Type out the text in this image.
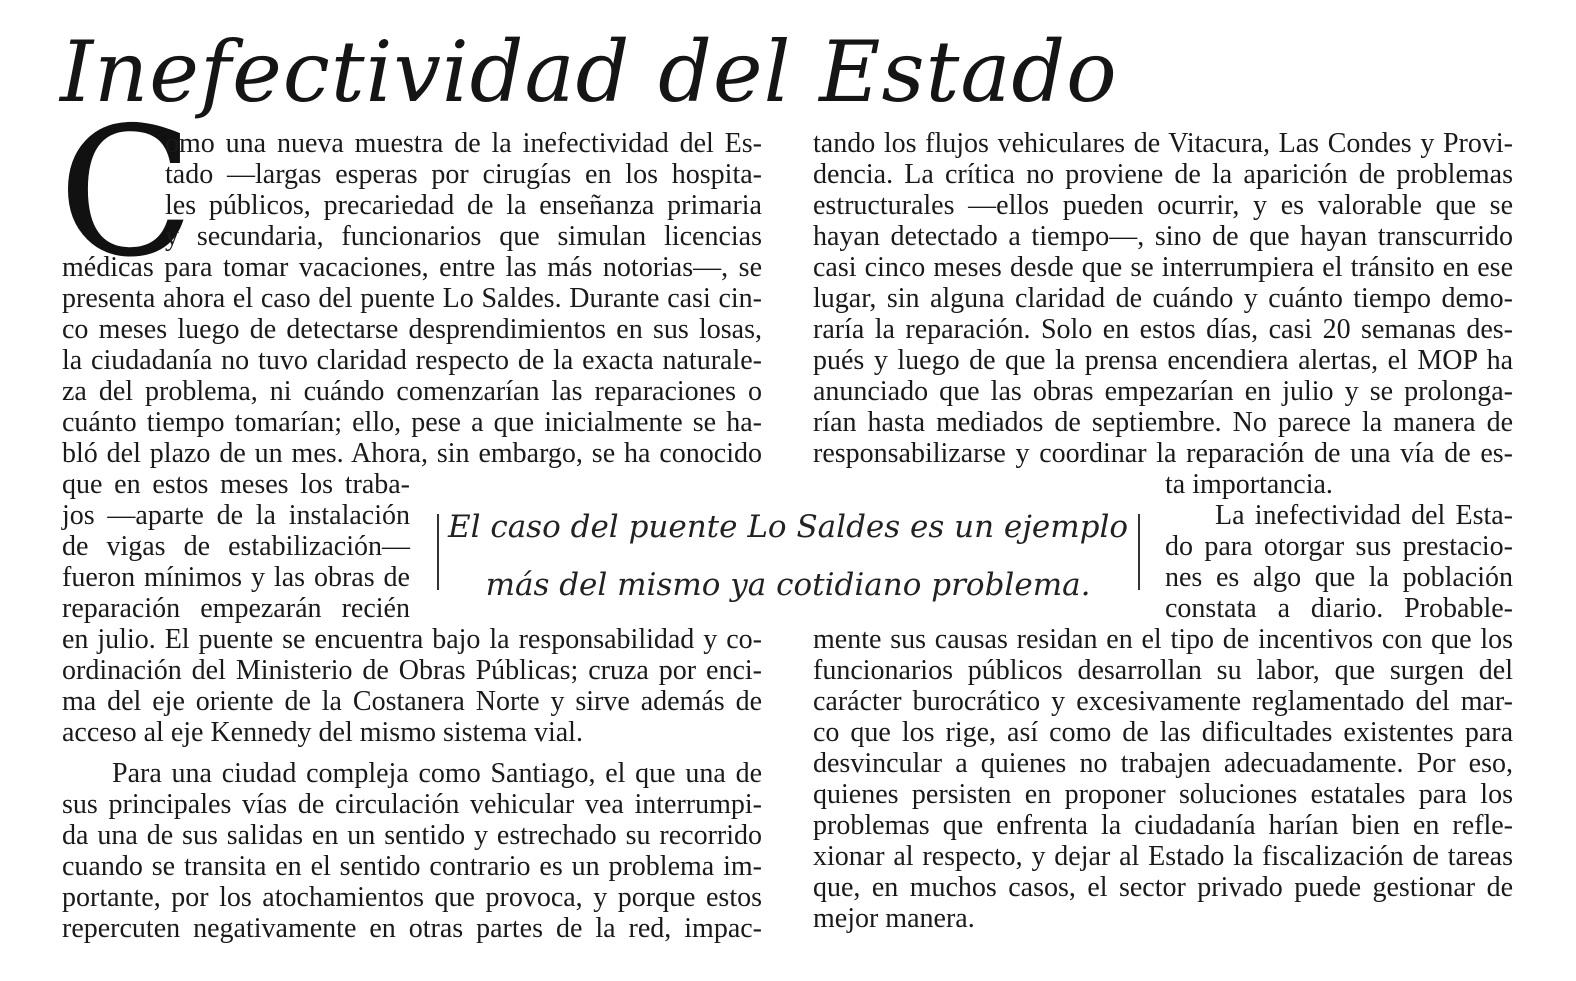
Inefectividad del Estado
C
omo una nueva muestra de la inefectividad del Es-
tado —largas esperas por cirugías en los hospita-
les públicos, precariedad de la enseñanza primaria
y secundaria, funcionarios que simulan licencias
médicas para tomar vacaciones, entre las más notorias—, se
presenta ahora el caso del puente Lo Saldes. Durante casi cin-
co meses luego de detectarse desprendimientos en sus losas,
la ciudadanía no tuvo claridad respecto de la exacta naturale-
za del problema, ni cuándo comenzarían las reparaciones o
cuánto tiempo tomarían; ello, pese a que inicialmente se ha-
bló del plazo de un mes. Ahora, sin embargo, se ha conocido
que en estos meses los traba-
jos —aparte de la instalación
de vigas de estabilización—
fueron mínimos y las obras de
reparación empezarán recién
en julio. El puente se encuentra bajo la responsabilidad y co-
ordinación del Ministerio de Obras Públicas; cruza por enci-
ma del eje oriente de la Costanera Norte y sirve además de
acceso al eje Kennedy del mismo sistema vial.
Para una ciudad compleja como Santiago, el que una de
sus principales vías de circulación vehicular vea interrumpi-
da una de sus salidas en un sentido y estrechado su recorrido
cuando se transita en el sentido contrario es un problema im-
portante, por los atochamientos que provoca, y porque estos
repercuten negativamente en otras partes de la red, impac-
tando los flujos vehiculares de Vitacura, Las Condes y Provi-
dencia. La crítica no proviene de la aparición de problemas
estructurales —ellos pueden ocurrir, y es valorable que se
hayan detectado a tiempo—, sino de que hayan transcurrido
casi cinco meses desde que se interrumpiera el tránsito en ese
lugar, sin alguna claridad de cuándo y cuánto tiempo demo-
raría la reparación. Solo en estos días, casi 20 semanas des-
pués y luego de que la prensa encendiera alertas, el MOP ha
anunciado que las obras empezarían en julio y se prolonga-
rían hasta mediados de septiembre. No parece la manera de
responsabilizarse y coordinar la reparación de una vía de es-
ta importancia.
La inefectividad del Esta-
do para otorgar sus prestacio-
nes es algo que la población
constata a diario. Probable-
mente sus causas residan en el tipo de incentivos con que los
funcionarios públicos desarrollan su labor, que surgen del
carácter burocrático y excesivamente reglamentado del mar-
co que los rige, así como de las dificultades existentes para
desvincular a quienes no trabajen adecuadamente. Por eso,
quienes persisten en proponer soluciones estatales para los
problemas que enfrenta la ciudadanía harían bien en refle-
xionar al respecto, y dejar al Estado la fiscalización de tareas
que, en muchos casos, el sector privado puede gestionar de
mejor manera.
El caso del puente Lo Saldes es un ejemplo
más del mismo ya cotidiano problema.
